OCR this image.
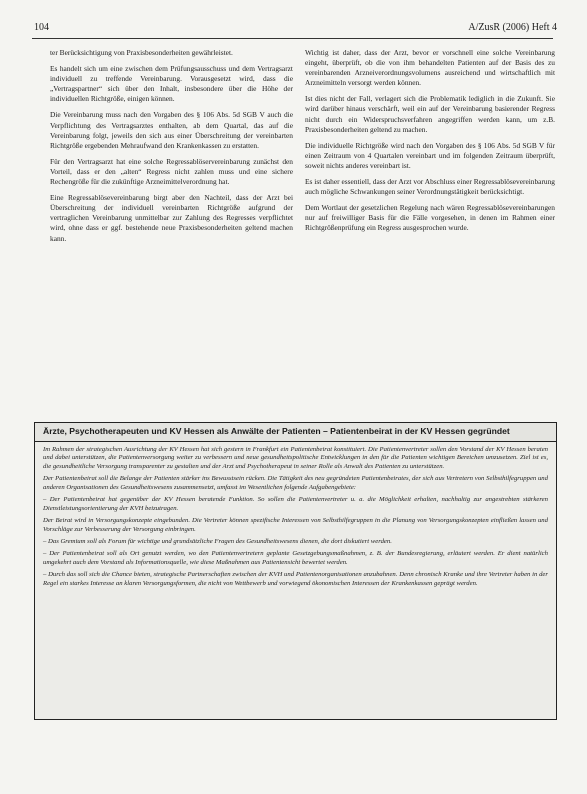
104	A/ZusR (2006) Heft 4

ter Berücksichtigung von Praxisbesonderheiten gewährleistet.

Es handelt sich um eine zwischen dem Prüfungsausschuss und dem Vertragsarzt individuell zu treffende Vereinbarung. Vorausgesetzt wird, dass die „Vertragspartner“ sich über den Inhalt, insbesondere über die Höhe der individuellen Richtgröße, einigen können.

Die Vereinbarung muss nach den Vorgaben des § 106 Abs. 5d SGB V auch die Verpflichtung des Vertragsarztes enthalten, ab dem Quartal, das auf die Vereinbarung folgt, jeweils den sich aus einer Überschreitung der vereinbarten Richtgröße ergebenden Mehraufwand den Krankenkassen zu erstatten.

Für den Vertragsarzt hat eine solche Regressablöservereinbarung zunächst den Vorteil, dass er den „alten“ Regress nicht zahlen muss und eine sichere Rechengröße für die zukünftige Arzneimittelverordnung hat.

Eine Regressablösevereinbarung birgt aber den Nachteil, dass der Arzt bei Überschreitung der individuell vereinbarten Richtgröße aufgrund der vertraglichen Vereinbarung unmittelbar zur Zahlung des Regresses verpflichtet wird, ohne dass er ggf. bestehende neue Praxisbesonderheiten geltend machen kann.

Wichtig ist daher, dass der Arzt, bevor er vorschnell eine solche Vereinbarung eingeht, überprüft, ob die von ihm behandelten Patienten auf der Basis des zu vereinbarenden Arzneiverordnungsvolumens ausreichend und wirtschaftlich mit Arzneimitteln versorgt werden können.

Ist dies nicht der Fall, verlagert sich die Problematik lediglich in die Zukunft. Sie wird darüber hinaus verschärft, weil ein auf der Vereinbarung basierender Regress nicht durch ein Widerspruchsverfahren angegriffen werden kann, um z.B. Praxisbesonderheiten geltend zu machen.

Die individuelle Richtgröße wird nach den Vorgaben des § 106 Abs. 5d SGB V für einen Zeitraum von 4 Quartalen vereinbart und im folgenden Zeitraum überprüft, soweit nichts anderes vereinbart ist.

Es ist daher essentiell, dass der Arzt vor Abschluss einer Regressablösevereinbarung auch mögliche Schwankungen seiner Verordnungstätigkeit berücksichtigt.

Dem Wortlaut der gesetzlichen Regelung nach wären Regressablösevereinbarungen nur auf freiwilliger Basis für die Fälle vorgesehen, in denen im Rahmen einer Richtgrößenprüfung ein Regress ausgesprochen wurde.

Ärzte, Psychotherapeuten und KV Hessen als Anwälte der Patienten – Patientenbeirat in der KV Hessen gegründet

Im Rahmen der strategischen Ausrichtung der KV Hessen hat sich gestern in Frankfurt ein Patientenbeirat konstituiert. Die Patientenvertreter sollen den Vorstand der KV Hessen beraten und dabei unterstützen, die Patientenversorgung weiter zu verbessern und neue gesundheitspolitische Entwicklungen in den für die Patienten wichtigen Bereichen umzusetzen. Ziel ist es, die gesundheitliche Versorgung transparenter zu gestalten und der Arzt und Psychotherapeut in seiner Rolle als Anwalt des Patienten zu unterstützen.

Der Patientenbeirat soll die Belange der Patienten stärker ins Bewusstsein rücken. Die Tätigkeit des neu gegründeten Patientenbeirates, der sich aus Vertretern von Selbsthilfegruppen und anderen Organisationen des Gesundheitswesens zusammensetzt, umfasst im Wesentlichen folgende Aufgabengebiete:

– Der Patientenbeirat hat gegenüber der KV Hessen beratende Funktion. So sollen die Patientenvertreter u. a. die Möglichkeit erhalten, nachhaltig zur angestrebten stärkeren Dienstleistungsorientierung der KVH beizutragen.

Der Beirat wird in Versorgungskonzepte eingebunden. Die Vertreter können spezifische Interessen von Selbsthilfegruppen in die Planung von Versorgungskonzepten einfließen lassen und Vorschläge zur Verbesserung der Versorgung einbringen.

– Das Gremium soll als Forum für wichtige und grundsätzliche Fragen des Gesundheitswesens dienen, die dort diskutiert werden.

– Der Patientenbeirat soll als Ort genutzt werden, wo den Patientenvertretern geplante Gesetzgebungsmaßnahmen, z. B. der Bundesregierung, erläutert werden. Er dient natürlich umgekehrt auch dem Vorstand als Informationsquelle, wie diese Maßnahmen aus Patientensicht bewertet werden.

– Durch das soll sich die Chance bieten, strategische Partnerschaften zwischen der KVH und Patientenorganisationen anzubahnen. Denn chronisch Kranke und ihre Vertreter haben in der Regel ein starkes Interesse an klaren Versorgungsformen, die nicht von Wettbewerb und vorwiegend ökonomischen Interessen der Krankenkassen geprägt werden.
